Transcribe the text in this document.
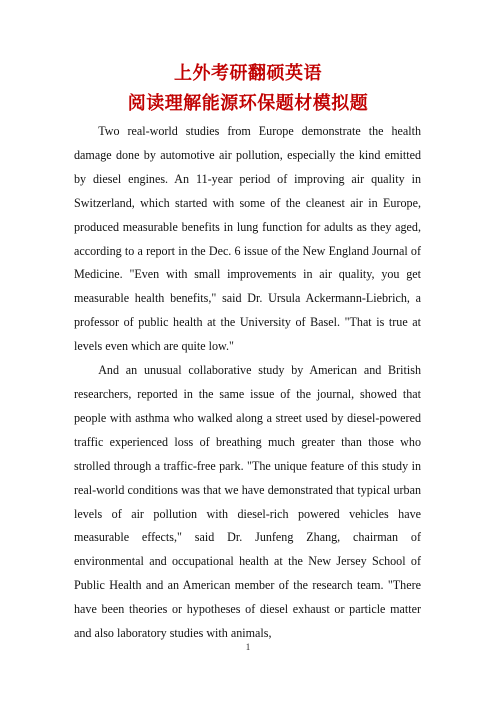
上外考研翻硕英语
阅读理解能源环保题材模拟题

Two real-world studies from Europe demonstrate the health damage done by automotive air pollution, especially the kind emitted by diesel engines. An 11-year period of improving air quality in Switzerland, which started with some of the cleanest air in Europe, produced measurable benefits in lung function for adults as they aged, according to a report in the Dec. 6 issue of the New England Journal of Medicine. "Even with small improvements in air quality, you get measurable health benefits," said Dr. Ursula Ackermann-Liebrich, a professor of public health at the University of Basel. "That is true at levels even which are quite low."

And an unusual collaborative study by American and British researchers, reported in the same issue of the journal, showed that people with asthma who walked along a street used by diesel-powered traffic experienced loss of breathing much greater than those who strolled through a traffic-free park. "The unique feature of this study in real-world conditions was that we have demonstrated that typical urban levels of air pollution with diesel-rich powered vehicles have measurable effects," said Dr. Junfeng Zhang, chairman of environmental and occupational health at the New Jersey School of Public Health and an American member of the research team. "There have been theories or hypotheses of diesel exhaust or particle matter and also laboratory studies with animals,

1
